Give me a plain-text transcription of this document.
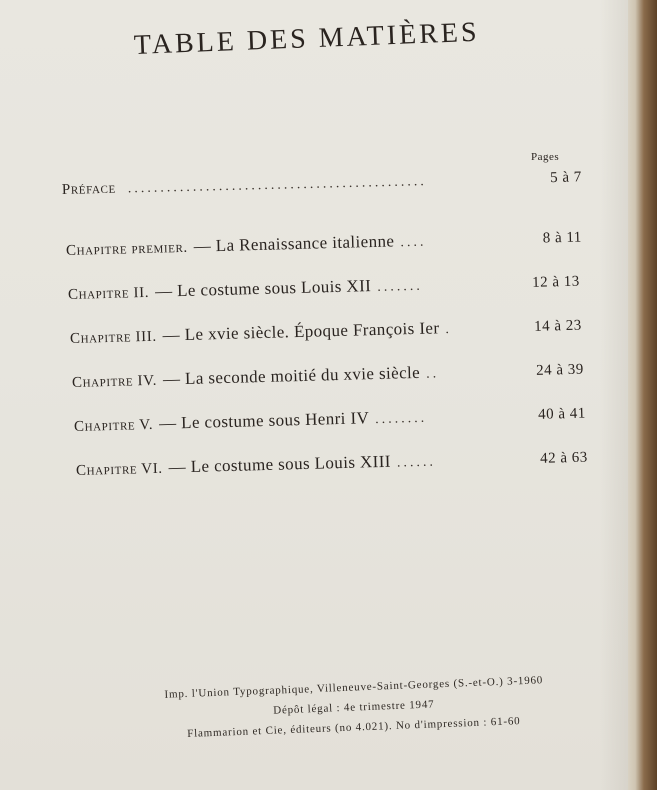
TABLE DES MATIÈRES
Pages
Préface ..............................................	5 à 7
Chapitre premier. — La Renaissance italienne ....	8 à 11
Chapitre II. — Le costume sous Louis XII .......	12 à 13
Chapitre III. — Le xvie siècle. Époque François Ier .	14 à 23
Chapitre IV. — La seconde moitié du xvie siècle ..	24 à 39
Chapitre V. — Le costume sous Henri IV ........	40 à 41
Chapitre VI. — Le costume sous Louis XIII ......	42 à 63
Imp. l'Union Typographique, Villeneuve-Saint-Georges (S.-et-O.) 3-1960
Dépôt légal : 4e trimestre 1947
Flammarion et Cie, éditeurs (no 4.021). No d'impression : 61-60
